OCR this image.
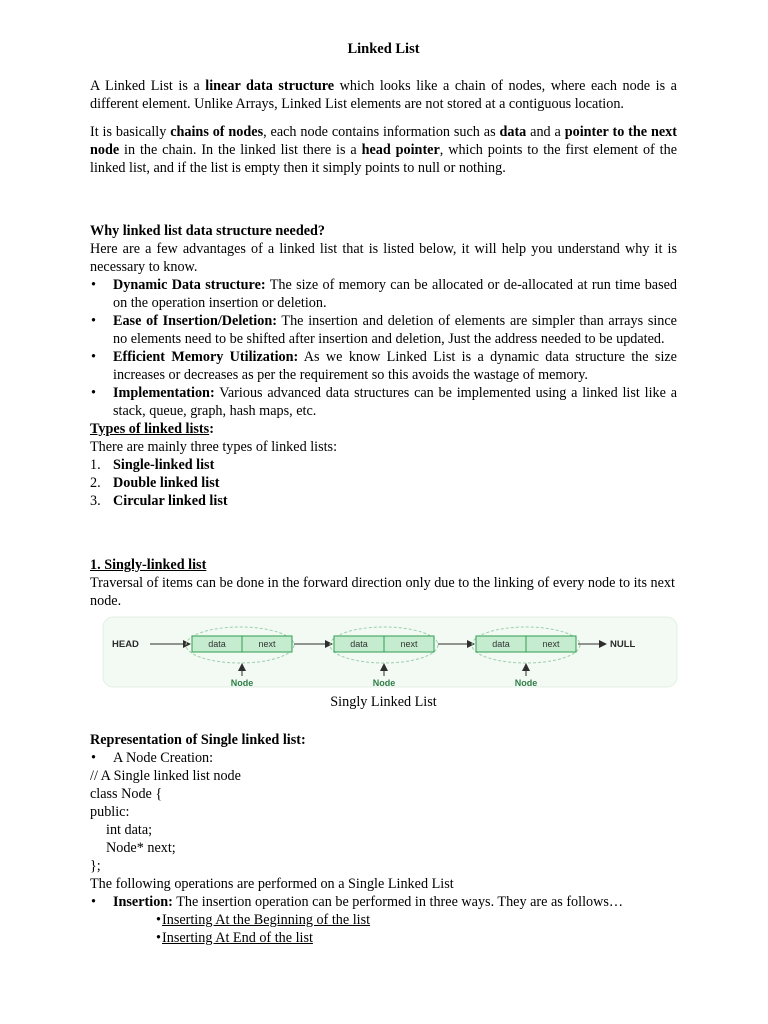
Linked List

A Linked List is a linear data structure which looks like a chain of nodes, where each node is a different element. Unlike Arrays, Linked List elements are not stored at a contiguous location.

It is basically chains of nodes, each node contains information such as data and a pointer to the next node in the chain. In the linked list there is a head pointer, which points to the first element of the linked list, and if the list is empty then it simply points to null or nothing.

Why linked list data structure needed?

Here are a few advantages of a linked list that is listed below, it will help you understand why it is necessary to know.

• Dynamic Data structure: The size of memory can be allocated or de-allocated at run time based on the operation insertion or deletion.
• Ease of Insertion/Deletion: The insertion and deletion of elements are simpler than arrays since no elements need to be shifted after insertion and deletion, Just the address needed to be updated.
• Efficient Memory Utilization: As we know Linked List is a dynamic data structure the size increases or decreases as per the requirement so this avoids the wastage of memory.
• Implementation: Various advanced data structures can be implemented using a linked list like a stack, queue, graph, hash maps, etc.

Types of linked lists:

There are mainly three types of linked lists:

1. Single-linked list
2. Double linked list
3. Circular linked list

1. Singly-linked list

Traversal of items can be done in the forward direction only due to the linking of every node to its next node.

HEAD	data	next
Node
data	next
Node
data	next
Node
NULL

Singly Linked List

Representation of Single linked list:

• A Node Creation:

// A Single linked list node

class Node {

public:

int data;

Node* next;

};

The following operations are performed on a Single Linked List

• Insertion: The insertion operation can be performed in three ways. They are as follows…
• Inserting At the Beginning of the list
• Inserting At End of the list
